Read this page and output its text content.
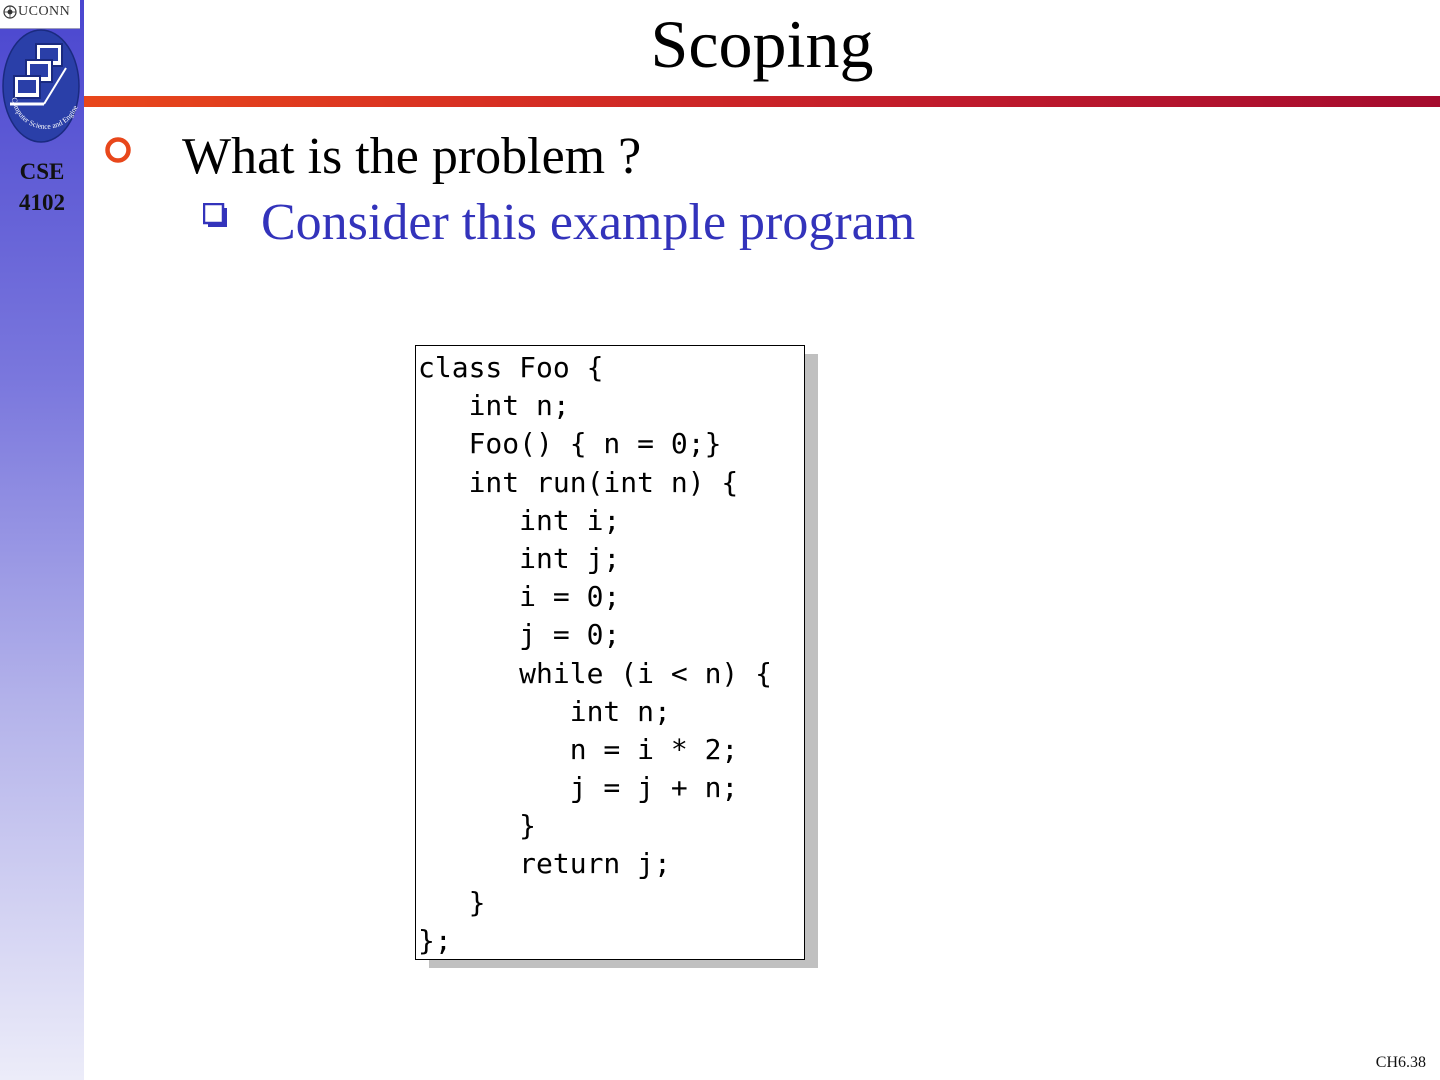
UCONN
Computer Science and Engine
CSE
4102
Scoping
What is the problem ?
Consider this example program
class Foo {
int n;
Foo() { n = 0;}
int run(int n) {
int i;
int j;
i = 0;
j = 0;
while (i < n) {
int n;
n = i * 2;
j = j + n;
}
return j;
}
};
CH6.38
